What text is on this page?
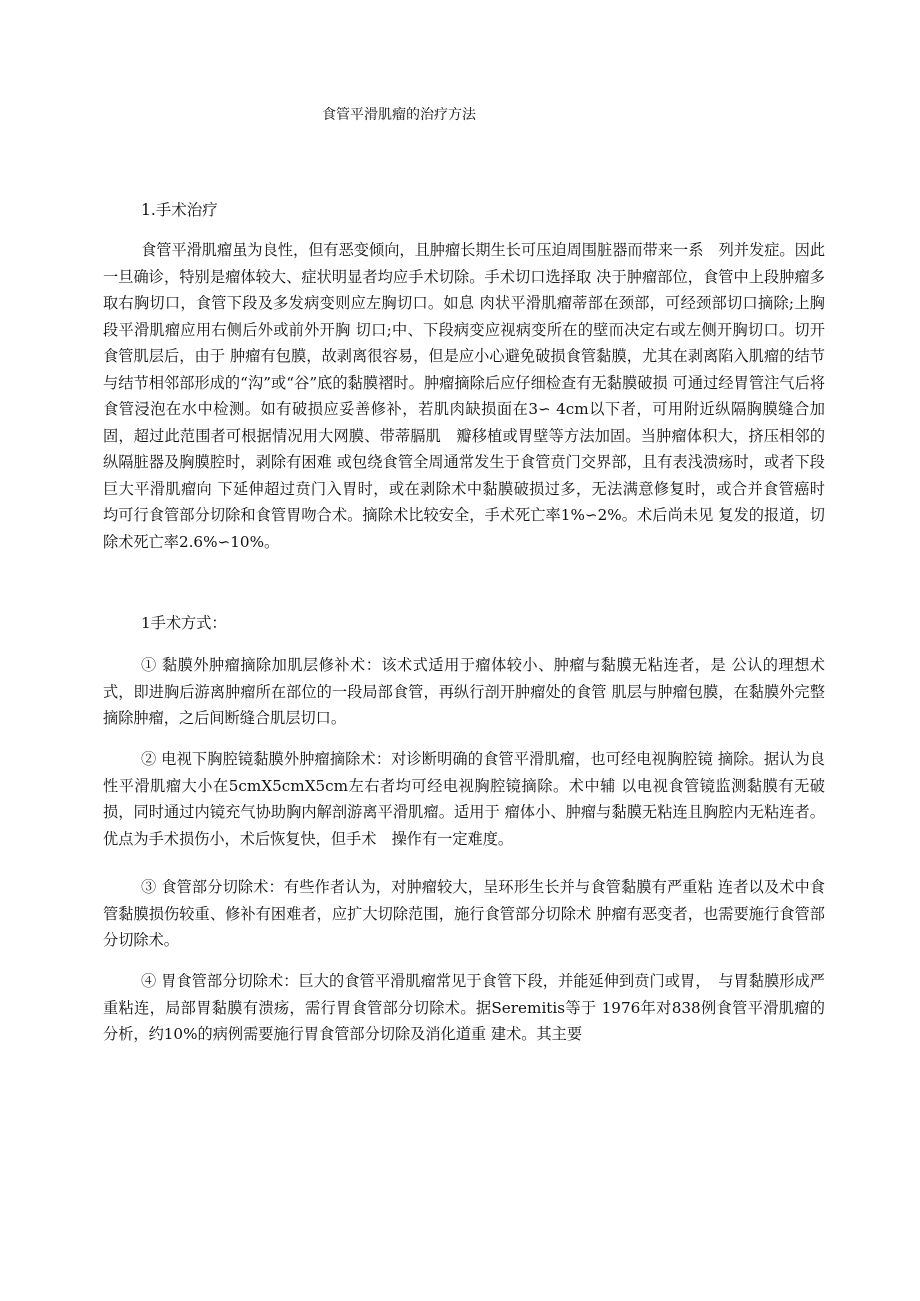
食管平滑肌瘤的治疗方法
1.手术治疗

食管平滑肌瘤虽为良性，但有恶变倾向，且肿瘤长期生长可压迫周围脏器而带来一系　列并发症。因此一旦确诊，特别是瘤体较大、症状明显者均应手术切除。手术切口选择取 决于肿瘤部位，食管中上段肿瘤多取右胸切口，食管下段及多发病变则应左胸切口。如息 肉状平滑肌瘤蒂部在颈部，可经颈部切口摘除;上胸段平滑肌瘤应用右侧后外或前外开胸 切口;中、下段病变应视病变所在的壁而决定右或左侧开胸切口。切开食管肌层后，由于 肿瘤有包膜，故剥离很容易，但是应小心避免破损食管黏膜，尤其在剥离陷入肌瘤的结节　与结节相邻部形成的“沟”或“谷”底的黏膜褶时。肿瘤摘除后应仔细检查有无黏膜破损 可通过经胃管注气后将食管浸泡在水中检测。如有破损应妥善修补，若肌肉缺损面在3∽ 4cm以下者，可用附近纵隔胸膜缝合加固，超过此范围者可根据情况用大网膜、带蒂膈肌　瓣移植或胃壁等方法加固。当肿瘤体积大，挤压相邻的纵隔脏器及胸膜腔时，剥除有困难 或包绕食管全周通常发生于食管贲门交界部，且有表浅溃疡时，或者下段巨大平滑肌瘤向 下延伸超过贲门入胃时，或在剥除术中黏膜破损过多，无法满意修复时，或合并食管癌时 均可行食管部分切除和食管胃吻合术。摘除术比较安全，手术死亡率1%∽2%。术后尚未见 复发的报道，切除术死亡率2.6%∽10%。

1手术方式：

① 黏膜外肿瘤摘除加肌层修补术：该术式适用于瘤体较小、肿瘤与黏膜无粘连者，是 公认的理想术式，即进胸后游离肿瘤所在部位的一段局部食管，再纵行剖开肿瘤处的食管 肌层与肿瘤包膜，在黏膜外完整摘除肿瘤，之后间断缝合肌层切口。

② 电视下胸腔镜黏膜外肿瘤摘除术：对诊断明确的食管平滑肌瘤，也可经电视胸腔镜 摘除。据认为良性平滑肌瘤大小在5cmX5cmX5cm左右者均可经电视胸腔镜摘除。术中辅 以电视食管镜监测黏膜有无破损，同时通过内镜充气协助胸内解剖游离平滑肌瘤。适用于 瘤体小、肿瘤与黏膜无粘连且胸腔内无粘连者。优点为手术损伤小，术后恢复快，但手术　操作有一定难度。

③ 食管部分切除术：有些作者认为，对肿瘤较大，呈环形生长并与食管黏膜有严重粘 连者以及术中食管黏膜损伤较重、修补有困难者，应扩大切除范围，施行食管部分切除术 肿瘤有恶变者，也需要施行食管部分切除术。

④ 胃食管部分切除术：巨大的食管平滑肌瘤常见于食管下段，并能延伸到贲门或胃，　与胃黏膜形成严重粘连，局部胃黏膜有溃疡，需行胃食管部分切除术。据Seremitis等于 1976年对838例食管平滑肌瘤的分析，约10%的病例需要施行胃食管部分切除及消化道重 建术。其主要
